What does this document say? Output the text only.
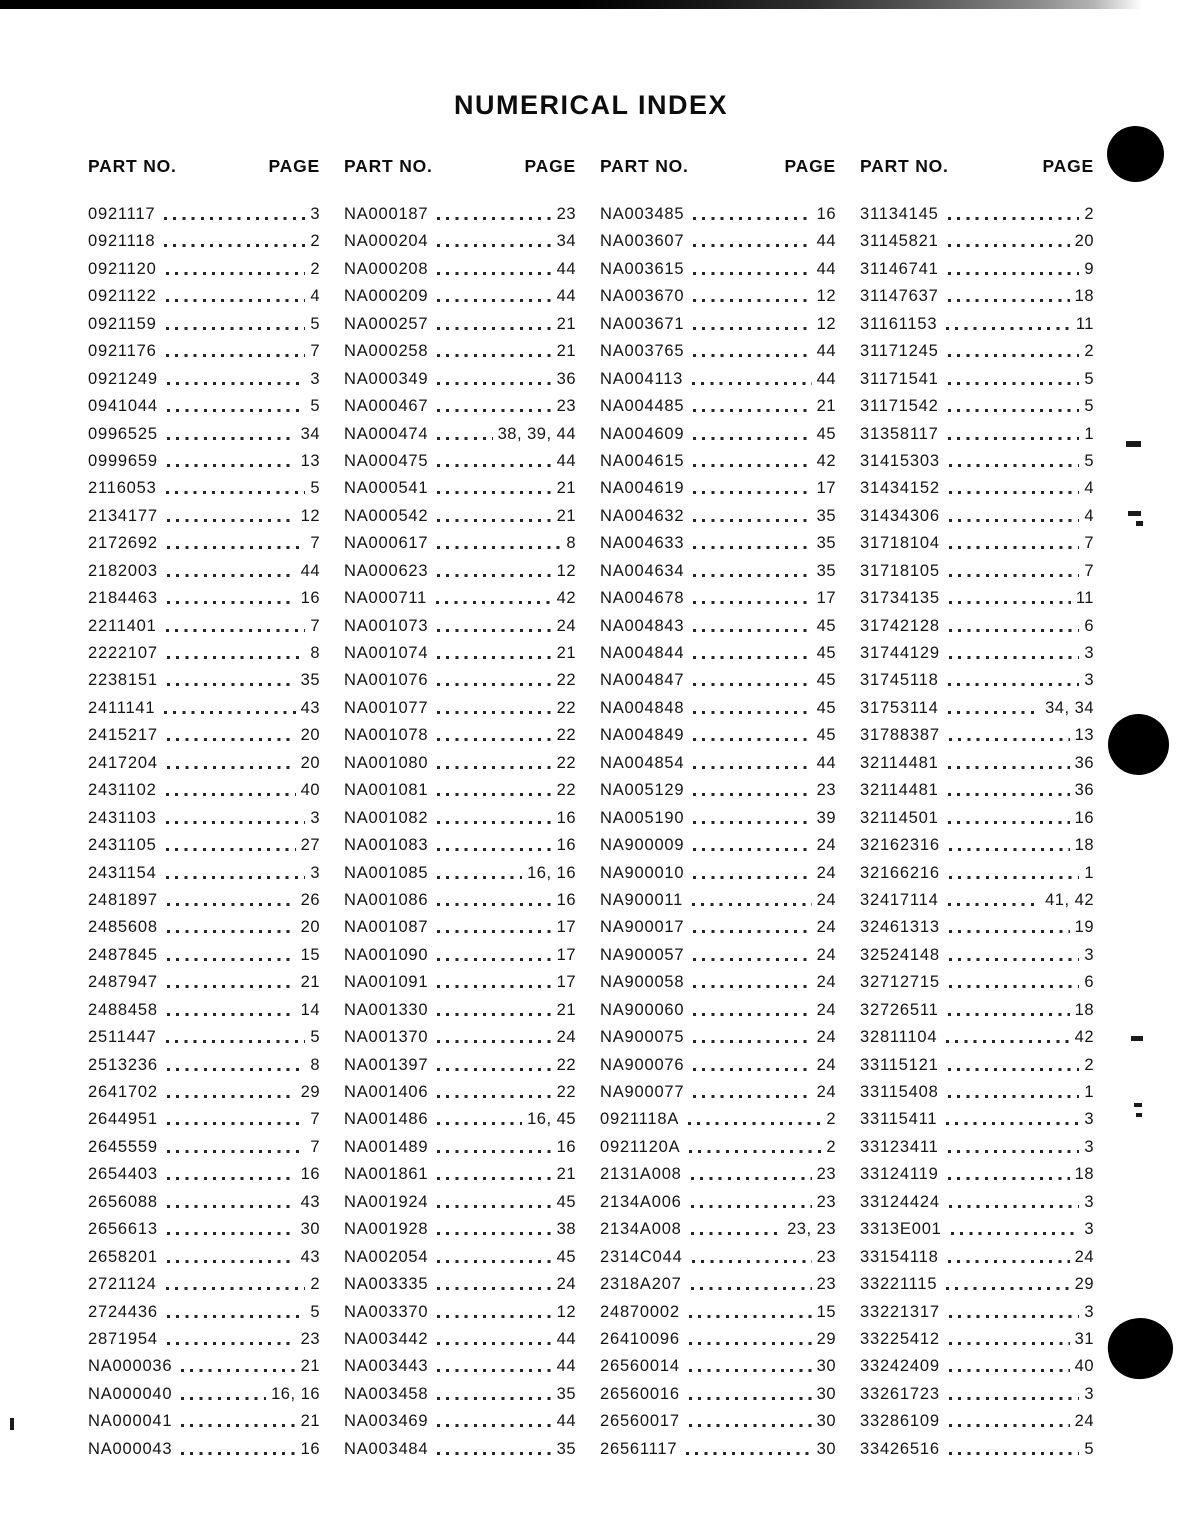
NUMERICAL INDEX
PART NO.	PAGE
0921117	3
0921118	2
0921120	2
0921122	4
0921159	5
0921176	7
0921249	3
0941044	5
0996525	34
0999659	13
2116053	5
2134177	12
2172692	7
2182003	44
2184463	16
2211401	7
2222107	8
2238151	35
2411141	43
2415217	20
2417204	20
2431102	40
2431103	3
2431105	27
2431154	3
2481897	26
2485608	20
2487845	15
2487947	21
2488458	14
2511447	5
2513236	8
2641702	29
2644951	7
2645559	7
2654403	16
2656088	43
2656613	30
2658201	43
2721124	2
2724436	5
2871954	23
NA000036	21
NA000040	16, 16
NA000041	21
NA000043	16
PART NO.	PAGE
NA000187	23
NA000204	34
NA000208	44
NA000209	44
NA000257	21
NA000258	21
NA000349	36
NA000467	23
NA000474	38, 39, 44
NA000475	44
NA000541	21
NA000542	21
NA000617	8
NA000623	12
NA000711	42
NA001073	24
NA001074	21
NA001076	22
NA001077	22
NA001078	22
NA001080	22
NA001081	22
NA001082	16
NA001083	16
NA001085	16, 16
NA001086	16
NA001087	17
NA001090	17
NA001091	17
NA001330	21
NA001370	24
NA001397	22
NA001406	22
NA001486	16, 45
NA001489	16
NA001861	21
NA001924	45
NA001928	38
NA002054	45
NA003335	24
NA003370	12
NA003442	44
NA003443	44
NA003458	35
NA003469	44
NA003484	35
PART NO.	PAGE
NA003485	16
NA003607	44
NA003615	44
NA003670	12
NA003671	12
NA003765	44
NA004113	44
NA004485	21
NA004609	45
NA004615	42
NA004619	17
NA004632	35
NA004633	35
NA004634	35
NA004678	17
NA004843	45
NA004844	45
NA004847	45
NA004848	45
NA004849	45
NA004854	44
NA005129	23
NA005190	39
NA900009	24
NA900010	24
NA900011	24
NA900017	24
NA900057	24
NA900058	24
NA900060	24
NA900075	24
NA900076	24
NA900077	24
0921118A	2
0921120A	2
2131A008	23
2134A006	23
2134A008	23, 23
2314C044	23
2318A207	23
24870002	15
26410096	29
26560014	30
26560016	30
26560017	30
26561117	30
PART NO.	PAGE
31134145	2
31145821	20
31146741	9
31147637	18
31161153	11
31171245	2
31171541	5
31171542	5
31358117	1
31415303	5
31434152	4
31434306	4
31718104	7
31718105	7
31734135	11
31742128	6
31744129	3
31745118	3
31753114	34, 34
31788387	13
32114481	36
32114481	36
32114501	16
32162316	18
32166216	1
32417114	41, 42
32461313	19
32524148	3
32712715	6
32726511	18
32811104	42
33115121	2
33115408	1
33115411	3
33123411	3
33124119	18
33124424	3
3313E001	3
33154118	24
33221115	29
33221317	3
33225412	31
33242409	40
33261723	3
33286109	24
33426516	5
